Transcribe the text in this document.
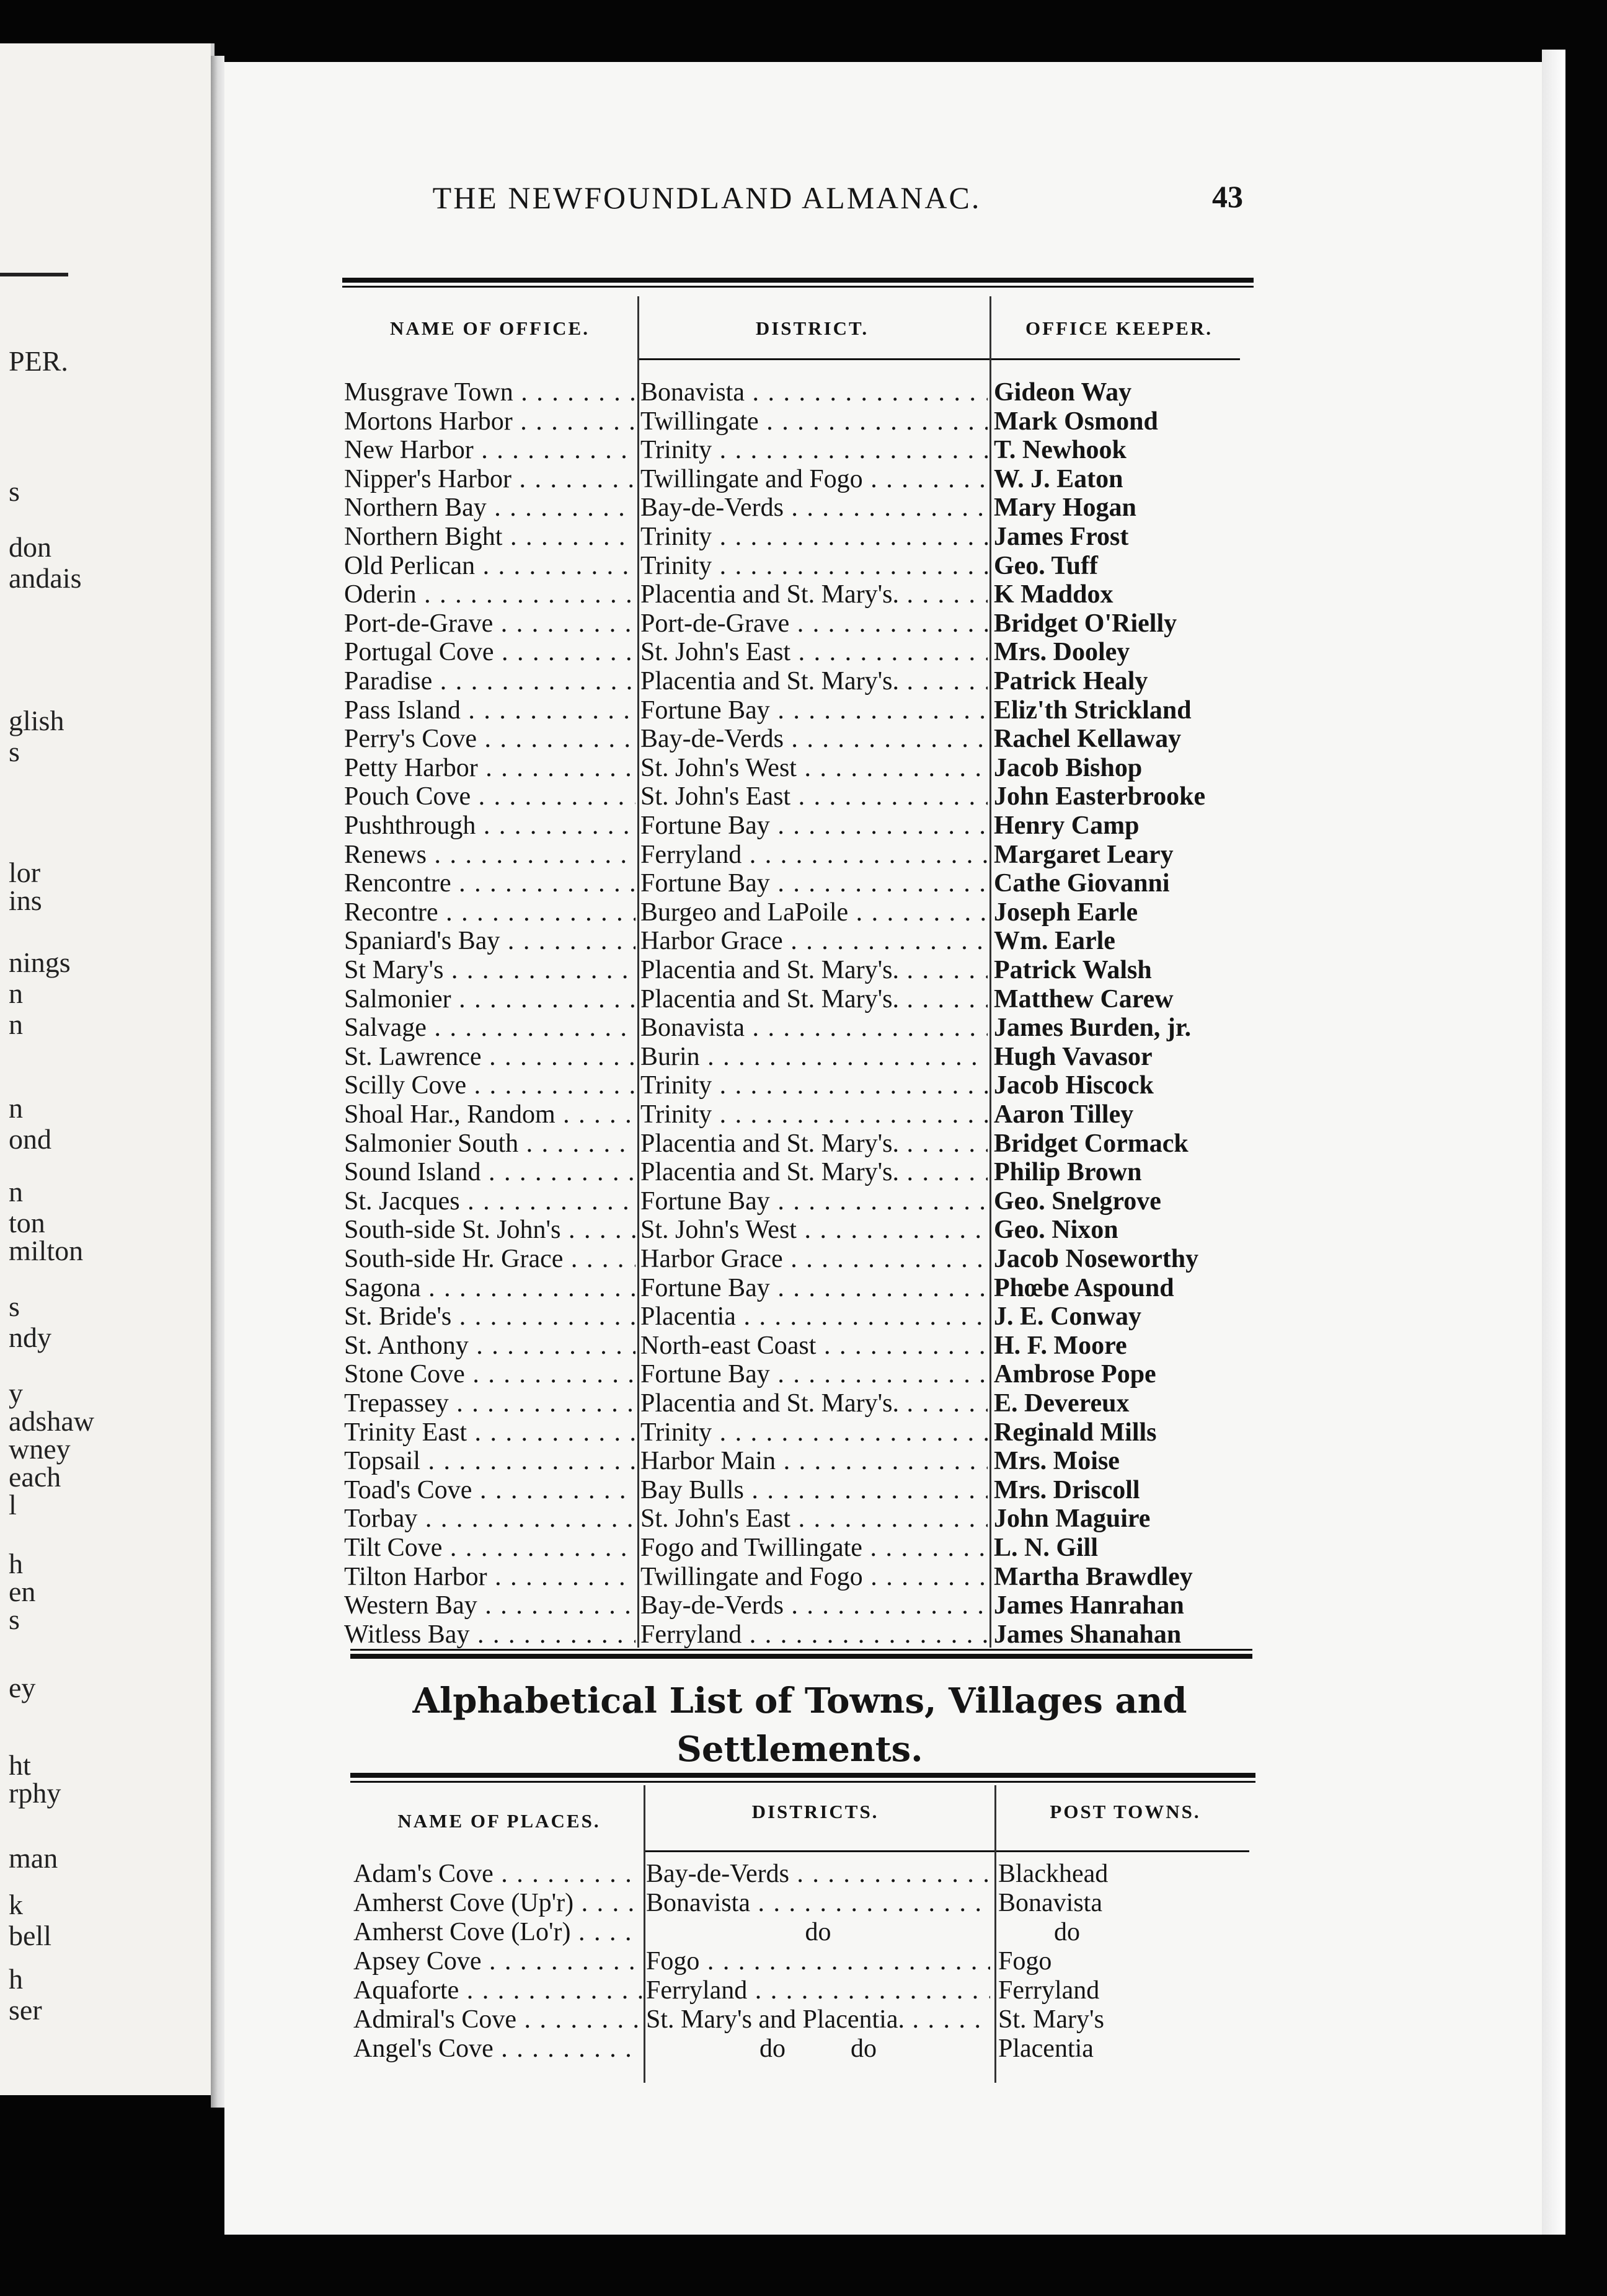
PER.
s
don
andais
glish
s
lor
ins
nings
n
n
n
ond
n
ton
milton
s
ndy
y
adshaw
wney
each
l
h
en
s
ey
ht
rphy
man
k
bell
h
ser
THE NEWFOUNDLAND ALMANAC.	43
NAME OF OFFICE.	DISTRICT.	OFFICE KEEPER.
Musgrave Town . . .	Bonavista . . .	Gideon Way
Mortons Harbor . . .	Twillingate . . .	Mark Osmond
New Harbor . . .	Trinity . . .	T. Newhook
Nipper's Harbor . . .	Twillingate and Fogo . . .	W. J. Eaton
Northern Bay . . .	Bay-de-Verds . . .	Mary Hogan
Northern Bight . . .	Trinity . . .	James Frost
Old Perlican . . .	Trinity . . .	Geo. Tuff
Oderin . . .	Placentia and St. Mary's. . . .	K Maddox
Port-de-Grave . . .	Port-de-Grave . . .	Bridget O'Rielly
Portugal Cove . . .	St. John's East . . .	Mrs. Dooley
Paradise . . .	Placentia and St. Mary's. . . .	Patrick Healy
Pass Island . . .	Fortune Bay . . .	Eliz'th Strickland
Perry's Cove . . .	Bay-de-Verds . . .	Rachel Kellaway
Petty Harbor . . .	St. John's West . . .	Jacob Bishop
Pouch Cove . . .	St. John's East . . .	John Easterbrooke
Pushthrough . . .	Fortune Bay . . .	Henry Camp
Renews . . .	Ferryland . . .	Margaret Leary
Rencontre . . .	Fortune Bay . . .	Cathe Giovanni
Recontre . . .	Burgeo and LaPoile . . .	Joseph Earle
Spaniard's Bay . . .	Harbor Grace . . .	Wm. Earle
St Mary's . . .	Placentia and St. Mary's. . . .	Patrick Walsh
Salmonier . . .	Placentia and St. Mary's. . . .	Matthew Carew
Salvage . . .	Bonavista . . .	James Burden, jr.
St. Lawrence . . .	Burin . . .	Hugh Vavasor
Scilly Cove . . .	Trinity . . .	Jacob Hiscock
Shoal Har., Random . . .	Trinity . . .	Aaron Tilley
Salmonier South . . .	Placentia and St. Mary's. . . .	Bridget Cormack
Sound Island . . .	Placentia and St. Mary's. . . .	Philip Brown
St. Jacques . . .	Fortune Bay . . .	Geo. Snelgrove
South-side St. John's . . .	St. John's West . . .	Geo. Nixon
South-side Hr. Grace . . .	Harbor Grace . . .	Jacob Noseworthy
Sagona . . .	Fortune Bay . . .	Phœbe Aspound
St. Bride's . . .	Placentia . . .	J. E. Conway
St. Anthony . . .	North-east Coast . . .	H. F. Moore
Stone Cove . . .	Fortune Bay . . .	Ambrose Pope
Trepassey . . .	Placentia and St. Mary's. . . .	E. Devereux
Trinity East . . .	Trinity . . .	Reginald Mills
Topsail . . .	Harbor Main . . .	Mrs. Moise
Toad's Cove . . .	Bay Bulls . . .	Mrs. Driscoll
Torbay . . .	St. John's East . . .	John Maguire
Tilt Cove . . .	Fogo and Twillingate . . .	L. N. Gill
Tilton Harbor . . .	Twillingate and Fogo . . .	Martha Brawdley
Western Bay . . .	Bay-de-Verds . . .	James Hanrahan
Witless Bay . . .	Ferryland . . .	James Shanahan
Alphabetical List of Towns, Villages and Settlements.
NAME OF PLACES.	DISTRICTS.	POST TOWNS.
Adam's Cove . . .	Bay-de-Verds . . .	Blackhead
Amherst Cove (Up'r) . . .	Bonavista . . .	Bonavista
Amherst Cove (Lo'r) . . .	do	do
Apsey Cove . . .	Fogo . . .	Fogo
Aquaforte . . .	Ferryland . . .	Ferryland
Admiral's Cove . . .	St. Mary's and Placentia. . . .	St. Mary's
Angel's Cove . . .	do          do	Placentia
